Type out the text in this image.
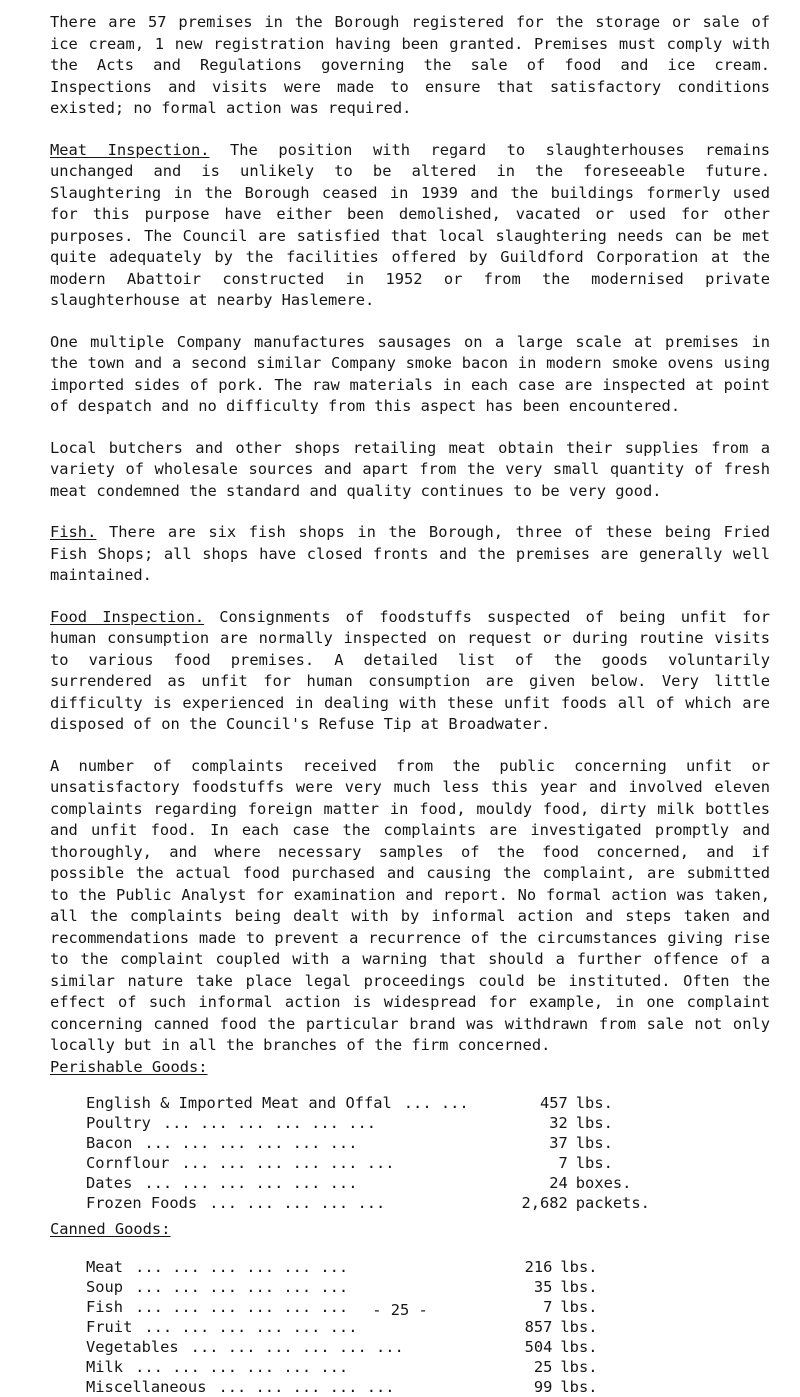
There are 57 premises in the Borough registered for the storage or sale of ice cream, 1 new registration having been granted. Premises must comply with the Acts and Regulations governing the sale of food and ice cream. Inspections and visits were made to ensure that satisfactory conditions existed; no formal action was required.

Meat Inspection. The position with regard to slaughterhouses remains unchanged and is unlikely to be altered in the foreseeable future. Slaughtering in the Borough ceased in 1939 and the buildings formerly used for this purpose have either been demolished, vacated or used for other purposes. The Council are satisfied that local slaughtering needs can be met quite adequately by the facilities offered by Guildford Corporation at the modern Abattoir constructed in 1952 or from the modernised private slaughterhouse at nearby Haslemere.

One multiple Company manufactures sausages on a large scale at premises in the town and a second similar Company smoke bacon in modern smoke ovens using imported sides of pork. The raw materials in each case are inspected at point of despatch and no difficulty from this aspect has been encountered.

Local butchers and other shops retailing meat obtain their supplies from a variety of wholesale sources and apart from the very small quantity of fresh meat condemned the standard and quality continues to be very good.

Fish. There are six fish shops in the Borough, three of these being Fried Fish Shops; all shops have closed fronts and the premises are generally well maintained.

Food Inspection. Consignments of foodstuffs suspected of being unfit for human consumption are normally inspected on request or during routine visits to various food premises. A detailed list of the goods voluntarily surrendered as unfit for human consumption are given below. Very little difficulty is experienced in dealing with these unfit foods all of which are disposed of on the Council's Refuse Tip at Broadwater.

A number of complaints received from the public concerning unfit or unsatisfactory foodstuffs were very much less this year and involved eleven complaints regarding foreign matter in food, mouldy food, dirty milk bottles and unfit food. In each case the complaints are investigated promptly and thoroughly, and where necessary samples of the food concerned, and if possible the actual food purchased and causing the complaint, are submitted to the Public Analyst for examination and report. No formal action was taken, all the complaints being dealt with by informal action and steps taken and recommendations made to prevent a recurrence of the circumstances giving rise to the complaint coupled with a warning that should a further offence of a similar nature take place legal proceedings could be instituted. Often the effect of such informal action is widespread for example, in one complaint concerning canned food the particular brand was withdrawn from sale not only locally but in all the branches of the firm concerned.

Perishable Goods:

English & Imported Meat and Offal ... ...	457	lbs.
Poultry ... ... ... ... ... ...	32	lbs.
Bacon ... ... ... ... ... ...	37	lbs.
Cornflour ... ... ... ... ... ...	7	lbs.
Dates ... ... ... ... ... ...	24	boxes.
Frozen Foods ... ... ... ... ...	2,682	packets.

Canned Goods:

Meat ... ... ... ... ... ...	216	lbs.
Soup ... ... ... ... ... ...	35	lbs.
Fish ... ... ... ... ... ...	7	lbs.
Fruit ... ... ... ... ... ...	857	lbs.
Vegetables ... ... ... ... ... ...	504	lbs.
Milk ... ... ... ... ... ...	25	lbs.
Miscellaneous ... ... ... ... ...	99	lbs.
- 25 -
